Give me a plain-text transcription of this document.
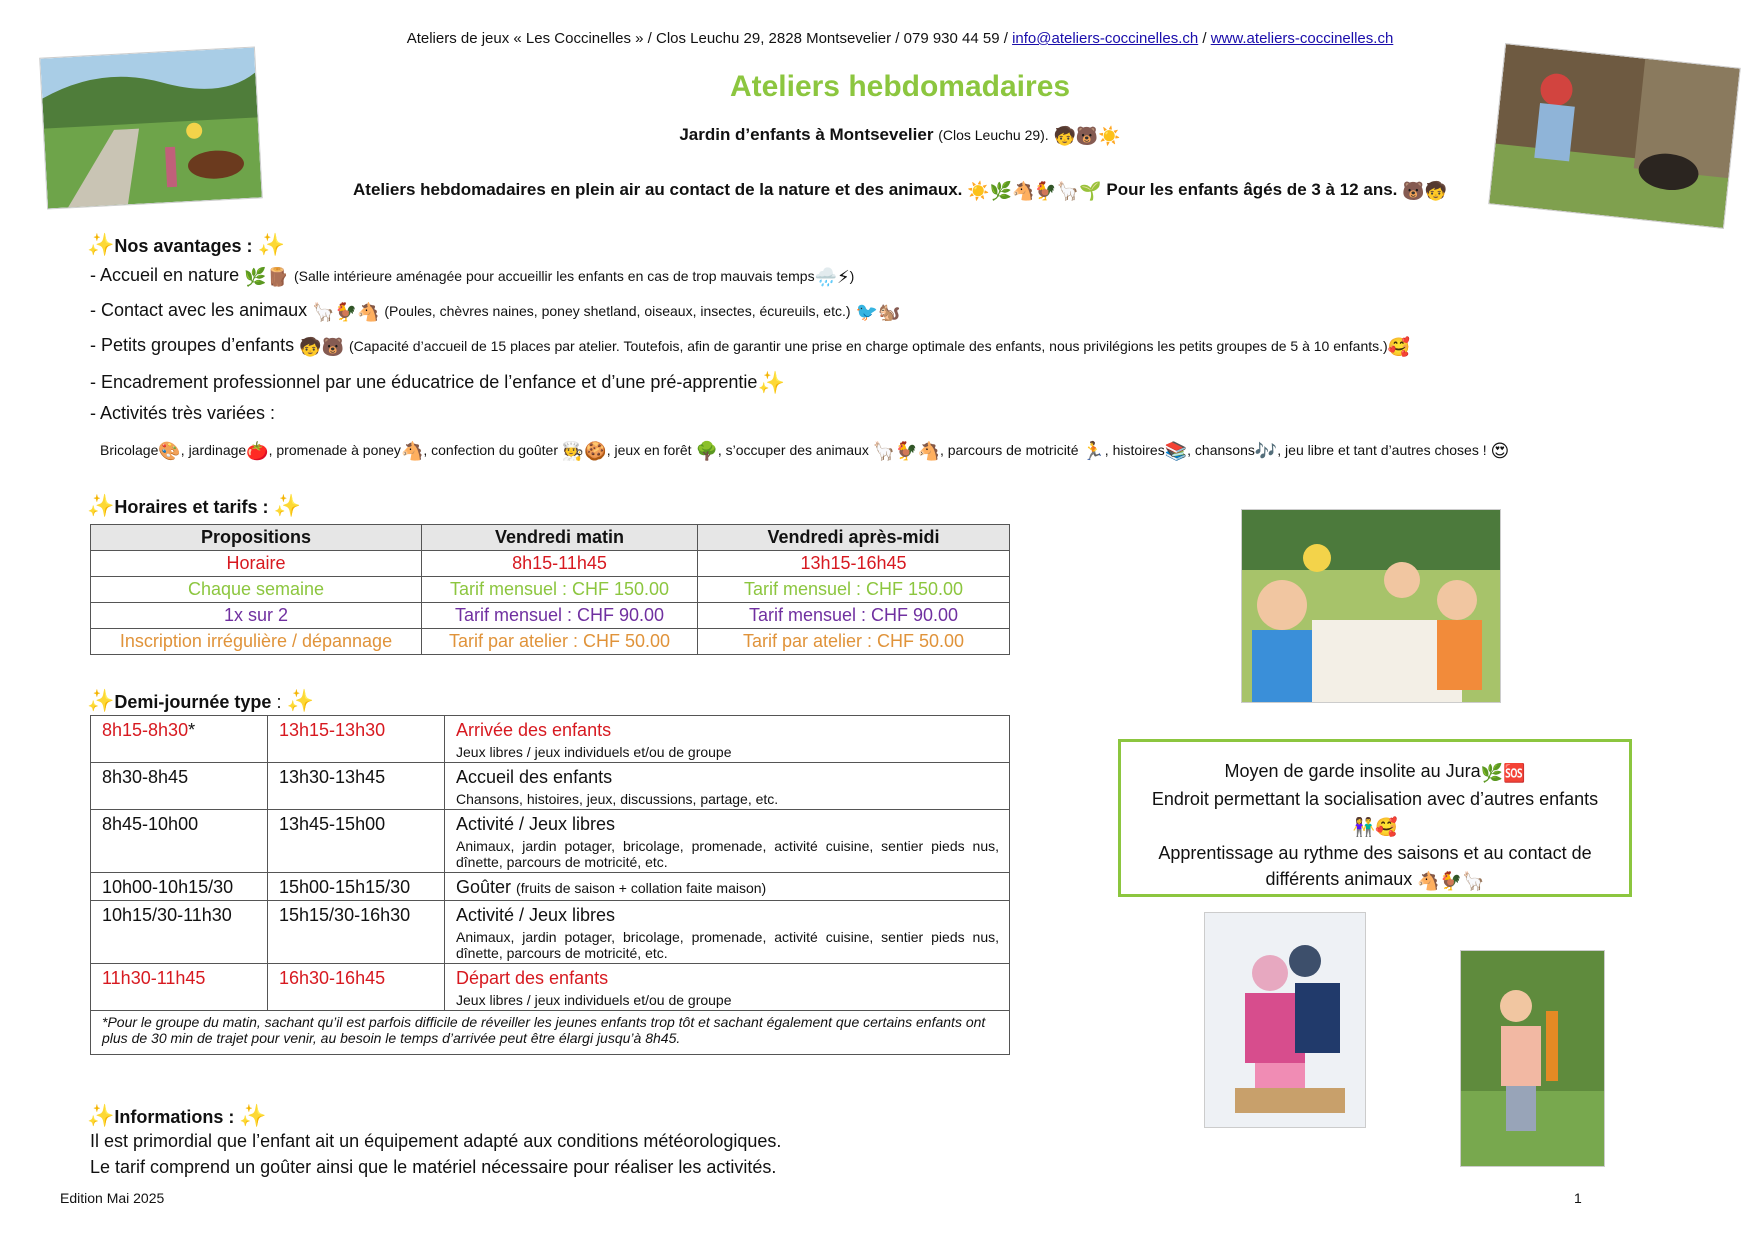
Ateliers de jeux « Les Coccinelles » / Clos Leuchu 29, 2828 Montsevelier / 079 930 44 59 / info@ateliers-coccinelles.ch / www.ateliers-coccinelles.ch
Ateliers hebdomadaires
Jardin d’enfants à Montsevelier (Clos Leuchu 29). 🧒🐻☀️
Ateliers hebdomadaires en plein air au contact de la nature et des animaux. ☀️🌿🐴🐓🦙🌱 Pour les enfants âgés de 3 à 12 ans. 🐻🧒
✨Nos avantages : ✨
- Accueil en nature 🌿🪵 (Salle intérieure aménagée pour accueillir les enfants en cas de trop mauvais temps🌧️⚡)
- Contact avec les animaux 🦙🐓🐴 (Poules, chèvres naines, poney shetland, oiseaux, insectes, écureuils, etc.) 🐦🐿️
- Petits groupes d’enfants 🧒🐻 (Capacité d’accueil de 15 places par atelier. Toutefois, afin de garantir une prise en charge optimale des enfants, nous privilégions les petits groupes de 5 à 10 enfants.)🥰
- Encadrement professionnel par une éducatrice de l’enfance et d’une pré-apprentie✨
- Activités très variées :
Bricolage🎨, jardinage🍅, promenade à poney🐴, confection du goûter 🧑‍🍳🍪, jeux en forêt 🌳, s’occuper des animaux 🦙🐓🐴, parcours de motricité 🏃, histoires📚, chansons🎶, jeu libre et tant d’autres choses ! 😍
✨Horaires et tarifs : ✨
Propositions	Vendredi matin	Vendredi après-midi
Horaire	8h15-11h45	13h15-16h45
Chaque semaine	Tarif mensuel : CHF 150.00	Tarif mensuel : CHF 150.00
1x sur 2	Tarif mensuel : CHF 90.00	Tarif mensuel : CHF 90.00
Inscription irrégulière / dépannage	Tarif par atelier : CHF 50.00	Tarif par atelier : CHF 50.00
✨Demi-journée type : ✨
8h15-8h30*	13h15-13h30	Arrivée des enfants
Jeux libres / jeux individuels et/ou de groupe

8h30-8h45	13h30-13h45	Accueil des enfants
Chansons, histoires, jeux, discussions, partage, etc.

8h45-10h00	13h45-15h00	Activité / Jeux libres
Animaux, jardin potager, bricolage, promenade, activité cuisine, sentier pieds nus, dînette, parcours de motricité, etc.

10h00-10h15/30	15h00-15h15/30	Goûter (fruits de saison + collation faite maison)
10h15/30-11h30	15h15/30-16h30	Activité / Jeux libres
Animaux, jardin potager, bricolage, promenade, activité cuisine, sentier pieds nus, dînette, parcours de motricité, etc.

11h30-11h45	16h30-16h45	Départ des enfants
Jeux libres / jeux individuels et/ou de groupe

*Pour le groupe du matin, sachant qu’il est parfois difficile de réveiller les jeunes enfants trop tôt et sachant également que certains enfants ont plus de 30 min de trajet pour venir, au besoin le temps d’arrivée peut être élargi jusqu’à 8h45.		
Moyen de garde insolite au Jura🌿🆘
Endroit permettant la socialisation avec d’autres enfants
👫🥰
Apprentissage au rythme des saisons et au contact de différents animaux 🐴🐓🦙
✨Informations : ✨
Il est primordial que l’enfant ait un équipement adapté aux conditions météorologiques.
Le tarif comprend un goûter ainsi que le matériel nécessaire pour réaliser les activités.
Edition Mai 2025	1
